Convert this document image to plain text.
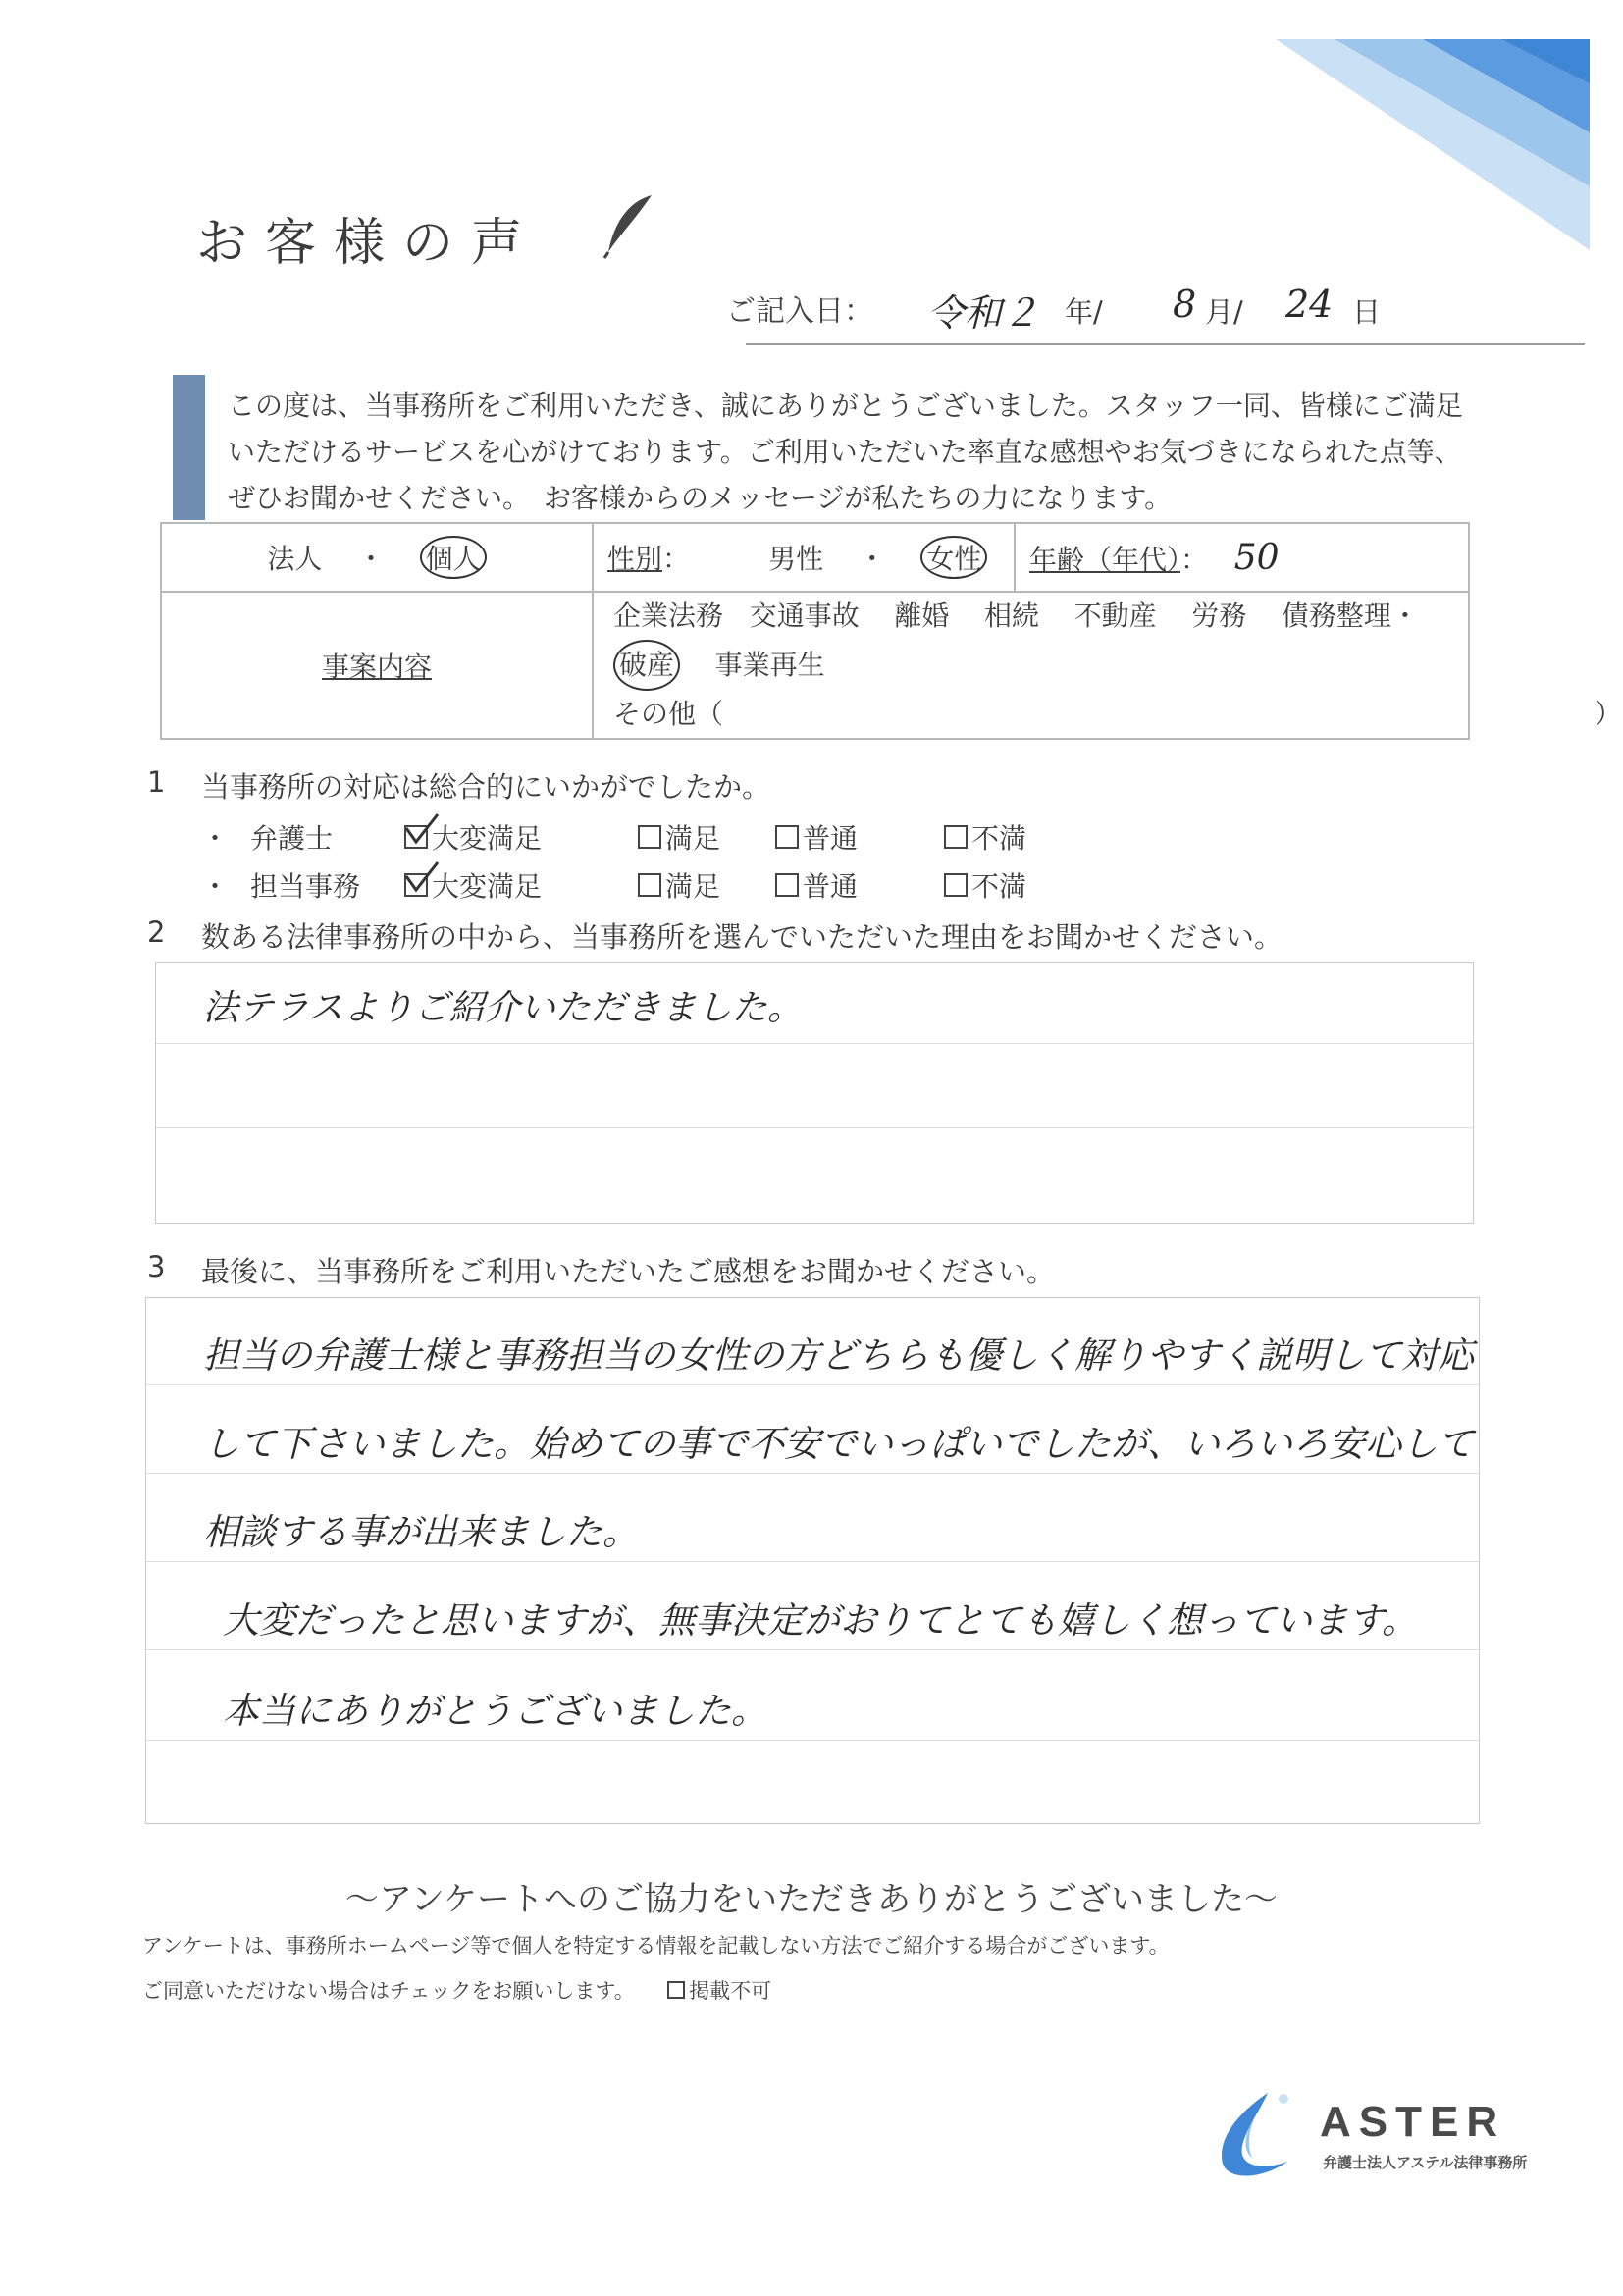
お客様の声
ご記入日： 令和２ 年/ 8 月/ 24 日
この度は、当事務所をご利用いただき、誠にありがとうございました。スタッフ一同、皆様にご満足
いただけるサービスを心がけております。ご利用いただいた率直な感想やお気づきになられた点等、
ぜひお聞かせください。　お客様からのメッセージが私たちの力になります。
法人 ・ 個人	性別： 男性 ・ 女性	年齢（年代）： 50
事案内容	企業法務 交通事故 離婚 相続 不動産 労務 債務整理・ 破産 事業再生
その他（ ）	
1 当事務所の対応は総合的にいかがでしたか。
・ 弁護士	大変満足	満足	普通	不満
・ 担当事務	大変満足	満足	普通	不満
2 数ある法律事務所の中から、当事務所を選んでいただいた理由をお聞かせください。
法テラスよりご紹介いただきました。
3 最後に、当事務所をご利用いただいたご感想をお聞かせください。
担当の弁護士様と事務担当の女性の方どちらも優しく解りやすく説明して対応
して下さいました。始めての事で不安でいっぱいでしたが、いろいろ安心して
相談する事が出来ました。
大変だったと思いますが、無事決定がおりてとても嬉しく想っています。
本当にありがとうございました。
～アンケートへのご協力をいただきありがとうございました～
アンケートは、事務所ホームページ等で個人を特定する情報を記載しない方法でご紹介する場合がございます。
ご同意いただけない場合はチェックをお願いします。	掲載不可
ASTER
弁護士法人アステル法律事務所
